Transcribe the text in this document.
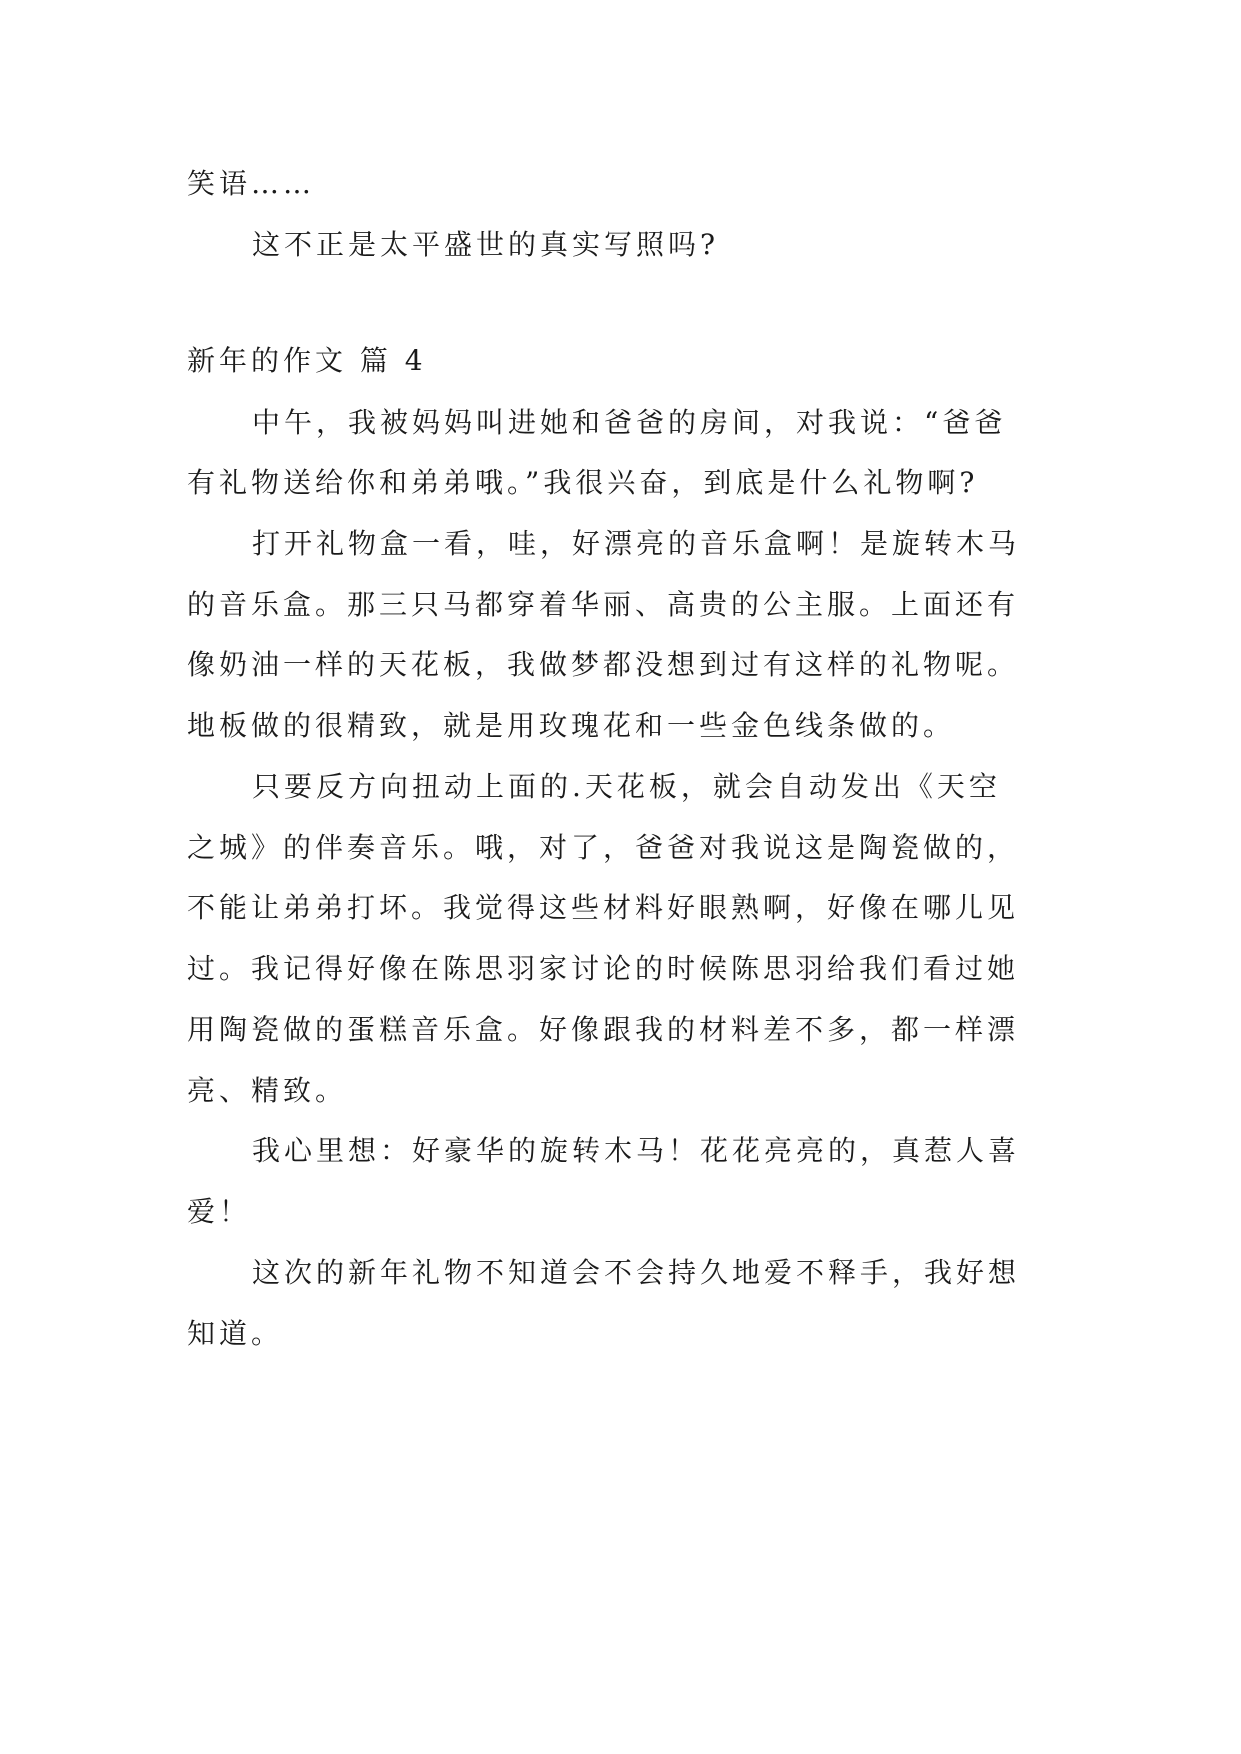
笑语……
这不正是太平盛世的真实写照吗?
新年的作文 篇 4
中午，我被妈妈叫进她和爸爸的房间，对我说：“爸爸
有礼物送给你和弟弟哦。”我很兴奋，到底是什么礼物啊?
打开礼物盒一看，哇，好漂亮的音乐盒啊！是旋转木马
的音乐盒。那三只马都穿着华丽、高贵的公主服。上面还有
像奶油一样的天花板，我做梦都没想到过有这样的礼物呢。
地板做的很精致，就是用玫瑰花和一些金色线条做的。
只要反方向扭动上面的.天花板，就会自动发出《天空
之城》的伴奏音乐。哦，对了，爸爸对我说这是陶瓷做的，
不能让弟弟打坏。我觉得这些材料好眼熟啊，好像在哪儿见
过。我记得好像在陈思羽家讨论的时候陈思羽给我们看过她
用陶瓷做的蛋糕音乐盒。好像跟我的材料差不多，都一样漂
亮、精致。
我心里想：好豪华的旋转木马！花花亮亮的，真惹人喜
爱！
这次的新年礼物不知道会不会持久地爱不释手，我好想
知道。
